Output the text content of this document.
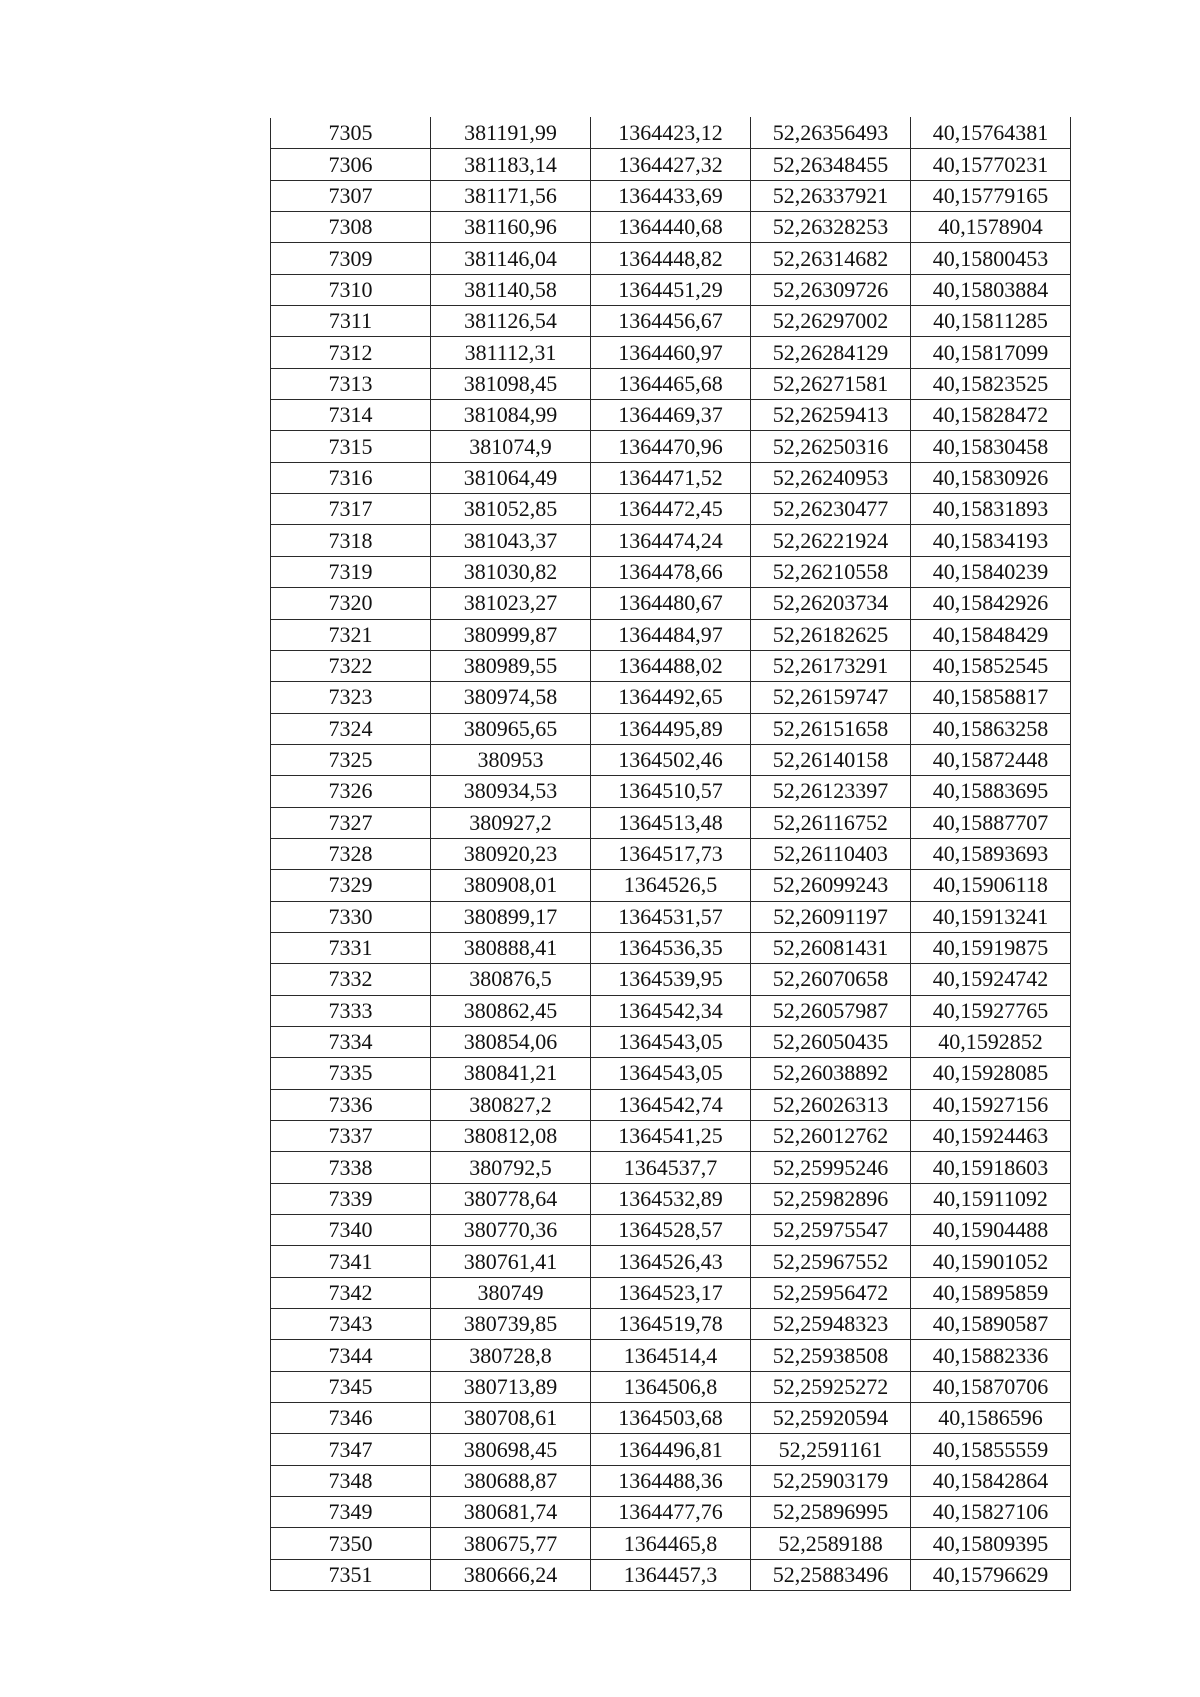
7305	381191,99	1364423,12	52,26356493	40,15764381
7306	381183,14	1364427,32	52,26348455	40,15770231
7307	381171,56	1364433,69	52,26337921	40,15779165
7308	381160,96	1364440,68	52,26328253	40,1578904
7309	381146,04	1364448,82	52,26314682	40,15800453
7310	381140,58	1364451,29	52,26309726	40,15803884
7311	381126,54	1364456,67	52,26297002	40,15811285
7312	381112,31	1364460,97	52,26284129	40,15817099
7313	381098,45	1364465,68	52,26271581	40,15823525
7314	381084,99	1364469,37	52,26259413	40,15828472
7315	381074,9	1364470,96	52,26250316	40,15830458
7316	381064,49	1364471,52	52,26240953	40,15830926
7317	381052,85	1364472,45	52,26230477	40,15831893
7318	381043,37	1364474,24	52,26221924	40,15834193
7319	381030,82	1364478,66	52,26210558	40,15840239
7320	381023,27	1364480,67	52,26203734	40,15842926
7321	380999,87	1364484,97	52,26182625	40,15848429
7322	380989,55	1364488,02	52,26173291	40,15852545
7323	380974,58	1364492,65	52,26159747	40,15858817
7324	380965,65	1364495,89	52,26151658	40,15863258
7325	380953	1364502,46	52,26140158	40,15872448
7326	380934,53	1364510,57	52,26123397	40,15883695
7327	380927,2	1364513,48	52,26116752	40,15887707
7328	380920,23	1364517,73	52,26110403	40,15893693
7329	380908,01	1364526,5	52,26099243	40,15906118
7330	380899,17	1364531,57	52,26091197	40,15913241
7331	380888,41	1364536,35	52,26081431	40,15919875
7332	380876,5	1364539,95	52,26070658	40,15924742
7333	380862,45	1364542,34	52,26057987	40,15927765
7334	380854,06	1364543,05	52,26050435	40,1592852
7335	380841,21	1364543,05	52,26038892	40,15928085
7336	380827,2	1364542,74	52,26026313	40,15927156
7337	380812,08	1364541,25	52,26012762	40,15924463
7338	380792,5	1364537,7	52,25995246	40,15918603
7339	380778,64	1364532,89	52,25982896	40,15911092
7340	380770,36	1364528,57	52,25975547	40,15904488
7341	380761,41	1364526,43	52,25967552	40,15901052
7342	380749	1364523,17	52,25956472	40,15895859
7343	380739,85	1364519,78	52,25948323	40,15890587
7344	380728,8	1364514,4	52,25938508	40,15882336
7345	380713,89	1364506,8	52,25925272	40,15870706
7346	380708,61	1364503,68	52,25920594	40,1586596
7347	380698,45	1364496,81	52,2591161	40,15855559
7348	380688,87	1364488,36	52,25903179	40,15842864
7349	380681,74	1364477,76	52,25896995	40,15827106
7350	380675,77	1364465,8	52,2589188	40,15809395
7351	380666,24	1364457,3	52,25883496	40,15796629
